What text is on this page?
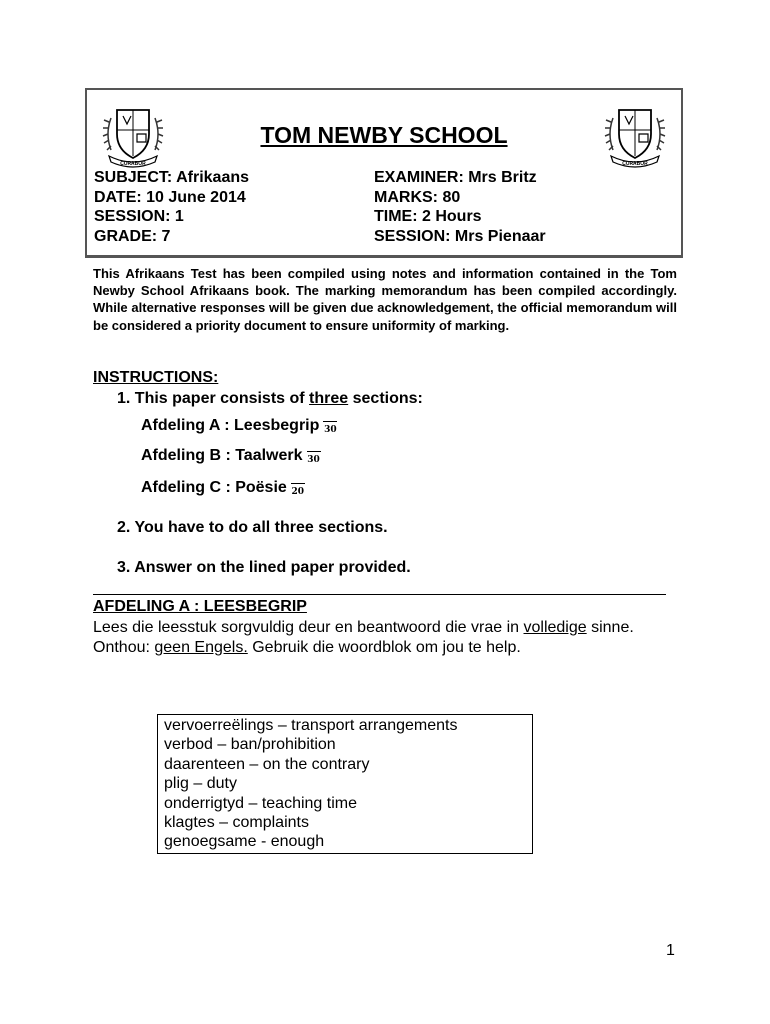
CURABOR	CURABOR
TOM NEWBY SCHOOL
SUBJECT: Afrikaans
DATE: 10 June 2014
SESSION: 1
GRADE: 7
EXAMINER: Mrs Britz
MARKS: 80
TIME: 2 Hours
SESSION: Mrs Pienaar
This Afrikaans Test has been compiled using notes and information contained in the Tom Newby School Afrikaans book. The marking memorandum has been compiled accordingly. While alternative responses will be given due acknowledgement, the official memorandum will be considered a priority document to ensure uniformity of marking.
INSTRUCTIONS:
1. This paper consists of three sections:
Afdeling A : Leesbegrip 30
Afdeling B : Taalwerk 30
Afdeling C : Poësie 20
2. You have to do all three sections.
3. Answer on the lined paper provided.
AFDELING A : LEESBEGRIP
Lees die leesstuk sorgvuldig deur en beantwoord die vrae in volledige sinne. Onthou: geen Engels. Gebruik die woordblok om jou te help.
vervoerreëlings – transport arrangements
verbod – ban/prohibition
daarenteen – on the contrary
plig – duty
onderrigtyd – teaching time
klagtes – complaints
genoegsame - enough
1
